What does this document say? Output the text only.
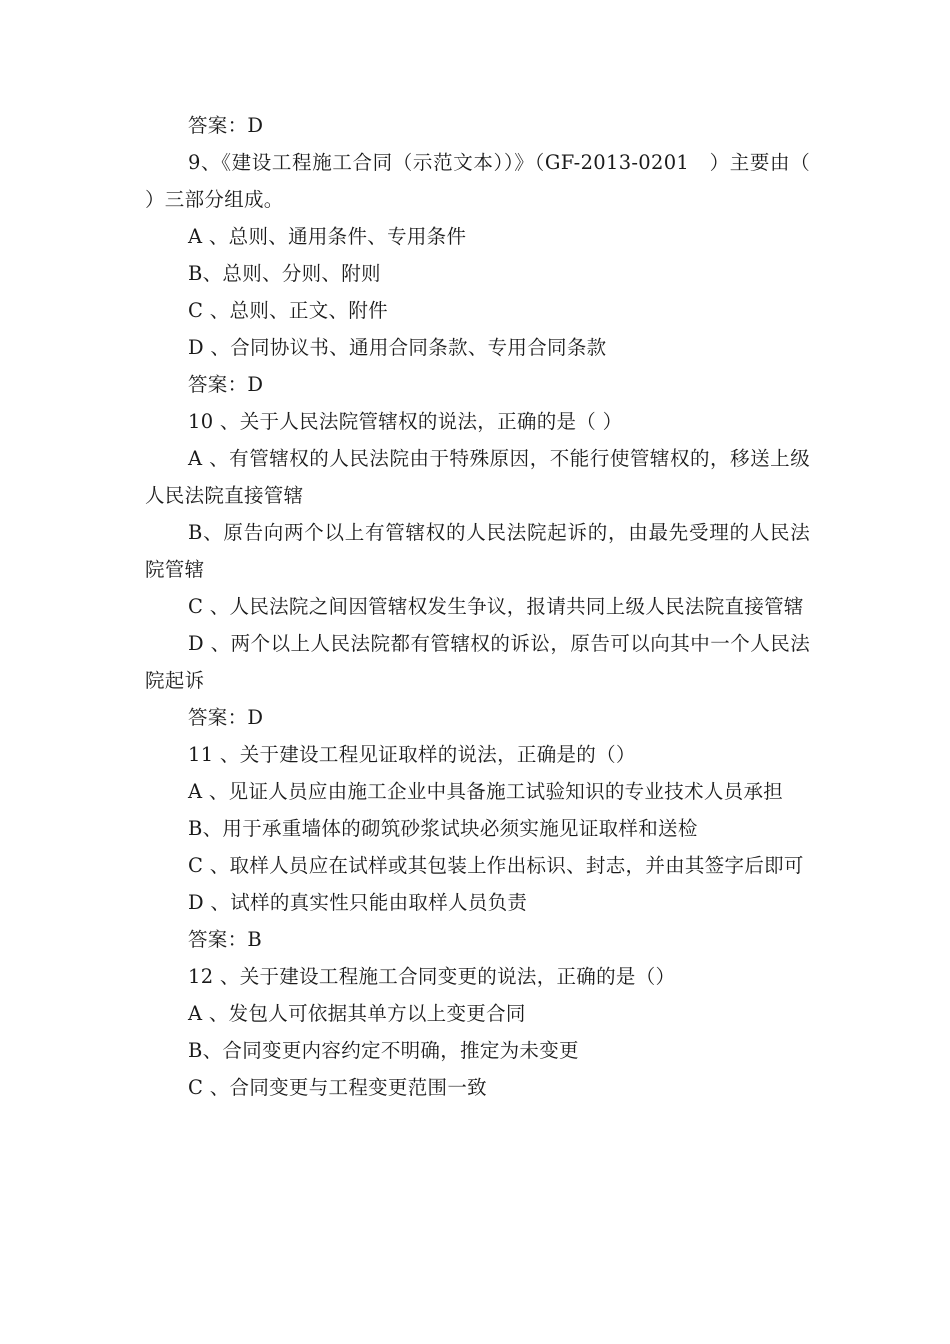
答案：D

9、《建设工程施工合同（示范文本））》（GF-2013-0201　）主要由（ ）三部分组成。

A 、总则、通用条件、专用条件

B、总则、分则、附则

C 、总则、正文、附件

D 、合同协议书、通用合同条款、专用合同条款

答案：D

10 、关于人民法院管辖权的说法，正确的是（ ）

A 、有管辖权的人民法院由于特殊原因，不能行使管辖权的，移送上级人民法院直接管辖

B、原告向两个以上有管辖权的人民法院起诉的，由最先受理的人民法院管辖

C 、人民法院之间因管辖权发生争议，报请共同上级人民法院直接管辖

D 、两个以上人民法院都有管辖权的诉讼，原告可以向其中一个人民法院起诉

答案：D

11 、关于建设工程见证取样的说法，正确是的（）

A 、见证人员应由施工企业中具备施工试验知识的专业技术人员承担

B、用于承重墙体的砌筑砂浆试块必须实施见证取样和送检

C 、取样人员应在试样或其包装上作出标识、封志，并由其签字后即可

D 、试样的真实性只能由取样人员负责

答案：B

12 、关于建设工程施工合同变更的说法，正确的是（）

A 、发包人可依据其单方以上变更合同

B、合同变更内容约定不明确，推定为未变更

C 、合同变更与工程变更范围一致
